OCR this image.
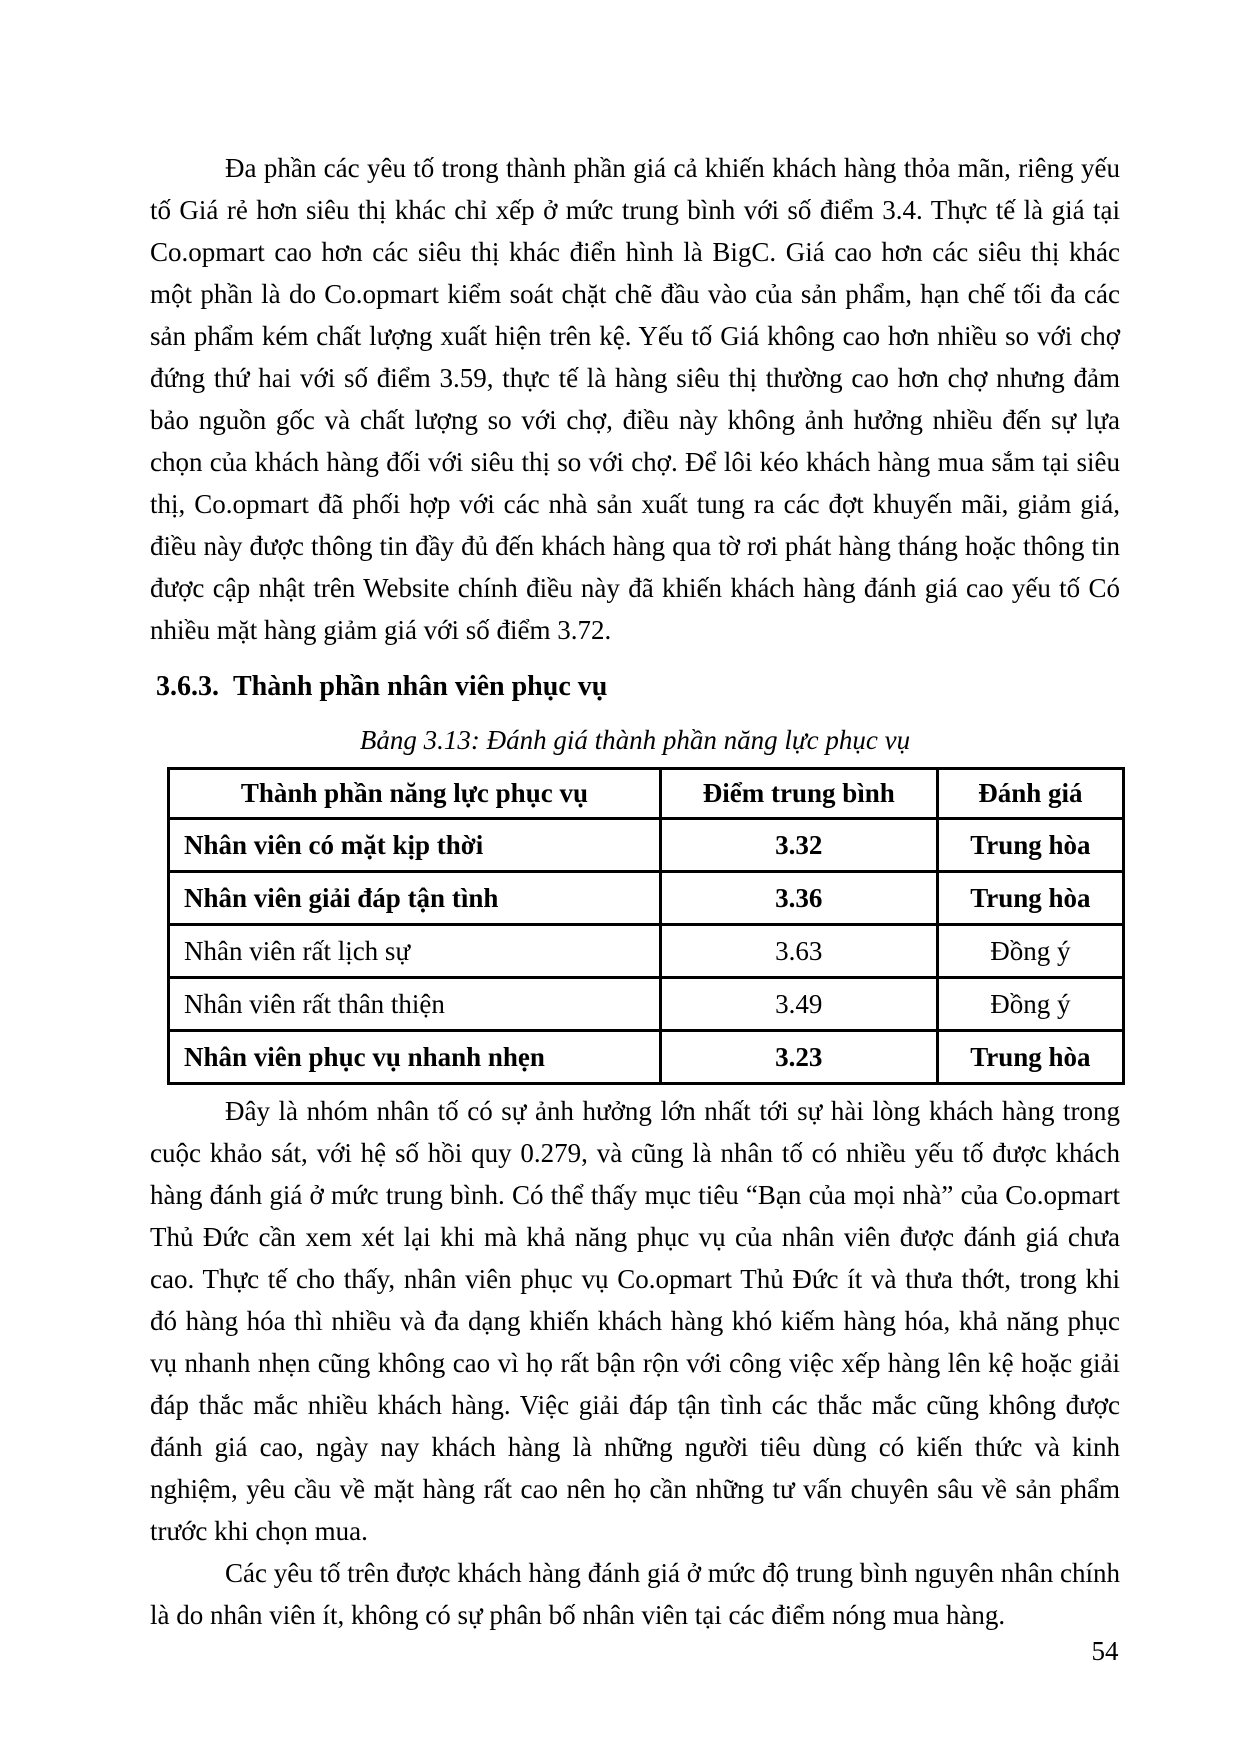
Đa phần các yêu tố trong thành phần giá cả khiến khách hàng thỏa mãn, riêng yếu tố Giá rẻ hơn siêu thị khác chỉ xếp ở mức trung bình với số điểm 3.4. Thực tế là giá tại Co.opmart cao hơn các siêu thị khác điển hình là BigC. Giá cao hơn các siêu thị khác một phần là do Co.opmart kiểm soát chặt chẽ đầu vào của sản phẩm, hạn chế tối đa các sản phẩm kém chất lượng xuất hiện trên kệ. Yếu tố Giá không cao hơn nhiều so với chợ đứng thứ hai với số điểm 3.59, thực tế là hàng siêu thị thường cao hơn chợ nhưng đảm bảo nguồn gốc và chất lượng so với chợ, điều này không ảnh hưởng nhiều đến sự lựa chọn của khách hàng đối với siêu thị so với chợ. Để lôi kéo khách hàng mua sắm tại siêu thị, Co.opmart đã phối hợp với các nhà sản xuất tung ra các đợt khuyến mãi, giảm giá, điều này được thông tin đầy đủ đến khách hàng qua tờ rơi phát hàng tháng hoặc thông tin được cập nhật trên Website chính điều này đã khiến khách hàng đánh giá cao yếu tố Có nhiều mặt hàng giảm giá với số điểm 3.72.

3.6.3. Thành phần nhân viên phục vụ
Bảng 3.13: Đánh giá thành phần năng lực phục vụ
Thành phần năng lực phục vụ	Điểm trung bình	Đánh giá
Nhân viên có mặt kịp thời	3.32	Trung hòa
Nhân viên giải đáp tận tình	3.36	Trung hòa
Nhân viên rất lịch sự	3.63	Đồng ý
Nhân viên rất thân thiện	3.49	Đồng ý
Nhân viên phục vụ nhanh nhẹn	3.23	Trung hòa

Đây là nhóm nhân tố có sự ảnh hưởng lớn nhất tới sự hài lòng khách hàng trong cuộc khảo sát, với hệ số hồi quy 0.279, và cũng là nhân tố có nhiều yếu tố được khách hàng đánh giá ở mức trung bình. Có thể thấy mục tiêu “Bạn của mọi nhà” của Co.opmart Thủ Đức cần xem xét lại khi mà khả năng phục vụ của nhân viên được đánh giá chưa cao. Thực tế cho thấy, nhân viên phục vụ Co.opmart Thủ Đức ít và thưa thớt, trong khi đó hàng hóa thì nhiều và đa dạng khiến khách hàng khó kiếm hàng hóa, khả năng phục vụ nhanh nhẹn cũng không cao vì họ rất bận rộn với công việc xếp hàng lên kệ hoặc giải đáp thắc mắc nhiều khách hàng. Việc giải đáp tận tình các thắc mắc cũng không được đánh giá cao, ngày nay khách hàng là những người tiêu dùng có kiến thức và kinh nghiệm, yêu cầu về mặt hàng rất cao nên họ cần những tư vấn chuyên sâu về sản phẩm trước khi chọn mua.

Các yêu tố trên được khách hàng đánh giá ở mức độ trung bình nguyên nhân chính là do nhân viên ít, không có sự phân bố nhân viên tại các điểm nóng mua hàng.

54
